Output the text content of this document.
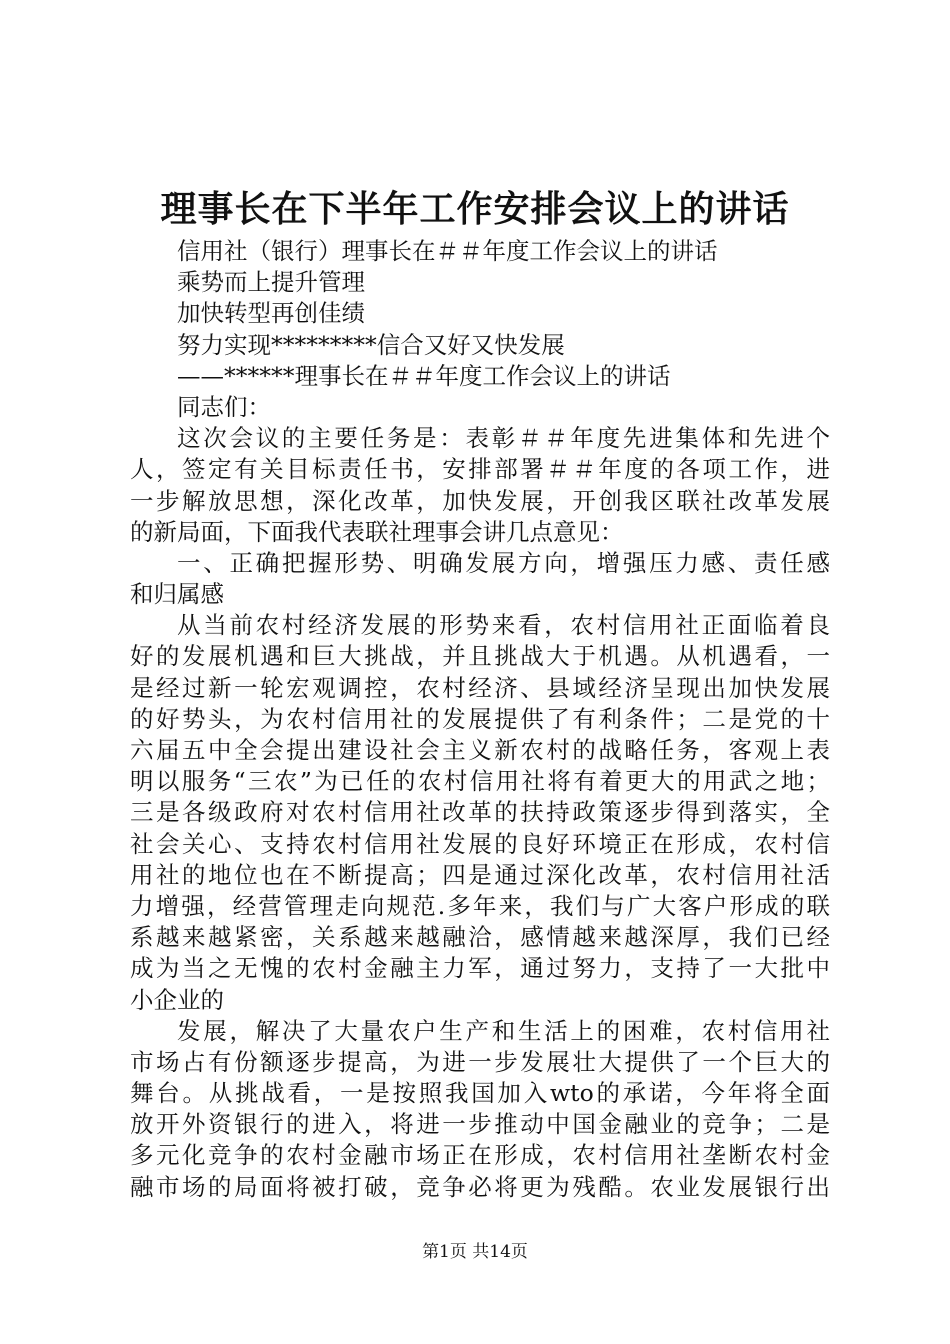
理事长在下半年工作安排会议上的讲话
信用社（银行）理事长在＃＃年度工作会议上的讲话
乘势而上提升管理
加快转型再创佳绩
努力实现*********信合又好又快发展
——******理事长在＃＃年度工作会议上的讲话
同志们：
这次会议的主要任务是：表彰＃＃年度先进集体和先进个
人，签定有关目标责任书，安排部署＃＃年度的各项工作，进
一步解放思想，深化改革，加快发展，开创我区联社改革发展
的新局面，下面我代表联社理事会讲几点意见：
一、正确把握形势、明确发展方向，增强压力感、责任感
和归属感
从当前农村经济发展的形势来看，农村信用社正面临着良
好的发展机遇和巨大挑战，并且挑战大于机遇。从机遇看，一
是经过新一轮宏观调控，农村经济、县域经济呈现出加快发展
的好势头，为农村信用社的发展提供了有利条件；二是党的十
六届五中全会提出建设社会主义新农村的战略任务，客观上表
明以服务“三农”为已任的农村信用社将有着更大的用武之地；
三是各级政府对农村信用社改革的扶持政策逐步得到落实，全
社会关心、支持农村信用社发展的良好环境正在形成，农村信
用社的地位也在不断提高；四是通过深化改革，农村信用社活
力增强，经营管理走向规范.多年来，我们与广大客户形成的联
系越来越紧密，关系越来越融洽，感情越来越深厚，我们已经
成为当之无愧的农村金融主力军，通过努力，支持了一大批中
小企业的
发展，解决了大量农户生产和生活上的困难，农村信用社
市场占有份额逐步提高，为进一步发展壮大提供了一个巨大的
舞台。从挑战看，一是按照我国加入wto的承诺，今年将全面
放开外资银行的进入，将进一步推动中国金融业的竞争；二是
多元化竞争的农村金融市场正在形成，农村信用社垄断农村金
融市场的局面将被打破，竞争必将更为残酷。农业发展银行出
第1页 共14页
